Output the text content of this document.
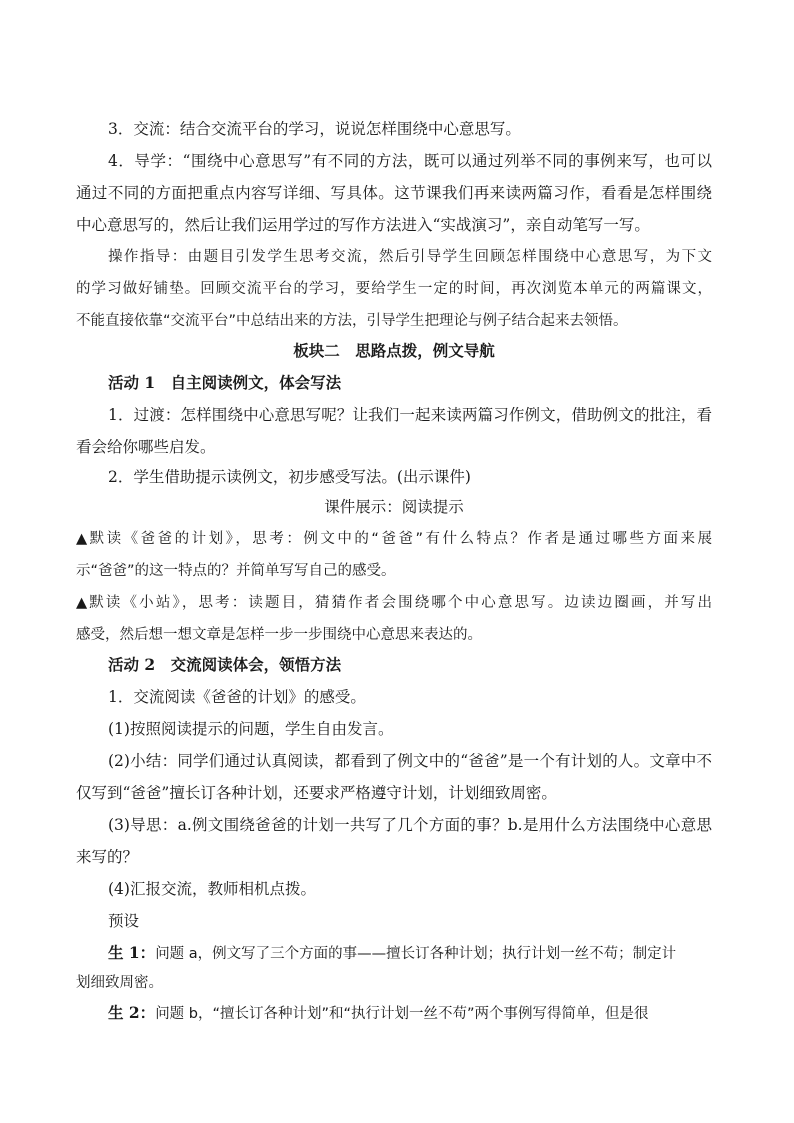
3．交流：结合交流平台的学习，说说怎样围绕中心意思写。
4．导学：“围绕中心意思写”有不同的方法，既可以通过列举不同的事例来写，也可以
通过不同的方面把重点内容写详细、写具体。这节课我们再来读两篇习作，看看是怎样围绕
中心意思写的，然后让我们运用学过的写作方法进入“实战演习”，亲自动笔写一写。
操作指导：由题目引发学生思考交流，然后引导学生回顾怎样围绕中心意思写，为下文
的学习做好铺垫。回顾交流平台的学习，要给学生一定的时间，再次浏览本单元的两篇课文，
不能直接依靠“交流平台”中总结出来的方法，引导学生把理论与例子结合起来去领悟。
板块二　思路点拨，例文导航
活动 1　自主阅读例文，体会写法
1．过渡：怎样围绕中心意思写呢？让我们一起来读两篇习作例文，借助例文的批注，看
看会给你哪些启发。
2．学生借助提示读例文，初步感受写法。(出示课件)
课件展示：阅读提示
▲默读《爸爸的计划》，思考：例文中的“爸爸”有什么特点？作者是通过哪些方面来展
示“爸爸”的这一特点的？并简单写写自己的感受。
▲默读《小站》，思考：读题目，猜猜作者会围绕哪个中心意思写。边读边圈画，并写出
感受，然后想一想文章是怎样一步一步围绕中心意思来表达的。
活动 2　交流阅读体会，领悟方法
1．交流阅读《爸爸的计划》的感受。
(1)按照阅读提示的问题，学生自由发言。
(2)小结：同学们通过认真阅读，都看到了例文中的“爸爸”是一个有计划的人。文章中不
仅写到“爸爸”擅长订各种计划，还要求严格遵守计划，计划细致周密。
(3)导思：a.例文围绕爸爸的计划一共写了几个方面的事？b.是用什么方法围绕中心意思
来写的？
(4)汇报交流，教师相机点拨。
预设
生 1：问题 a，例文写了三个方面的事——擅长订各种计划；执行计划一丝不苟；制定计
划细致周密。
生 2：问题 b，“擅长订各种计划”和“执行计划一丝不苟”两个事例写得简单，但是很
